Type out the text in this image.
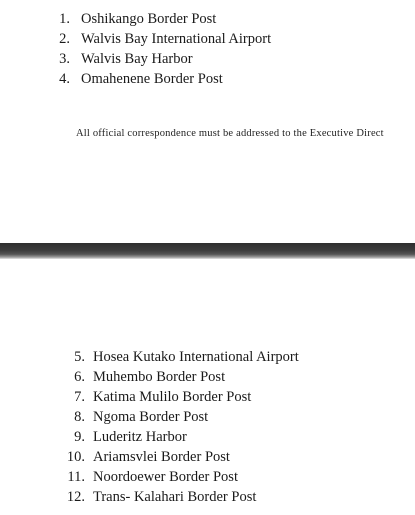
1. Oshikango Border Post
2. Walvis Bay International Airport
3. Walvis Bay Harbor
4. Omahenene Border Post
All official correspondence must be addressed to the Executive Direct
5. Hosea Kutako International Airport
6. Muhembo Border Post
7. Katima Mulilo Border Post
8. Ngoma Border Post
9. Luderitz Harbor
10. Ariamsvlei Border Post
11. Noordoewer Border Post
12. Trans- Kalahari Border Post
